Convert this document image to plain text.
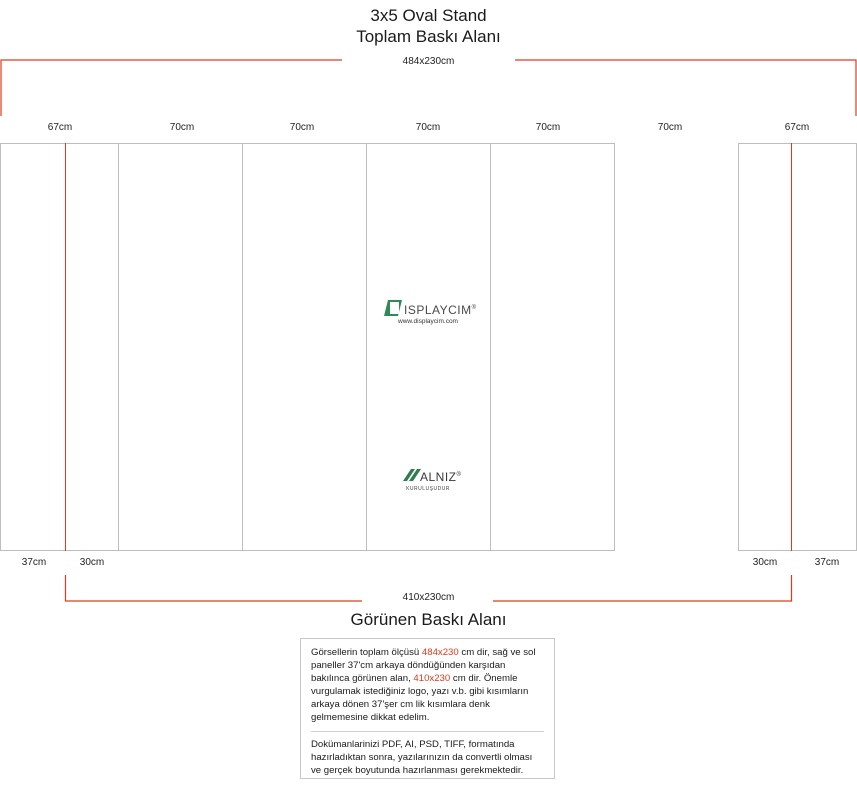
3x5 Oval Stand
Toplam Baskı Alanı
484x230cm
67cm	70cm	70cm	70cm	70cm	70cm	67cm
37cm	30cm	30cm	37cm
410x230cm
Görünen Baskı Alanı
D ISPLAYCIM®
www.displaycim.com
ALNIZ®
KURULUŞUDUR
Görsellerin toplam ölçüsü 484x230 cm dir, sağ ve sol paneller 37'cm arkaya döndüğünden karşıdan bakılınca görünen alan, 410x230 cm dir. Önemle vurgulamak istediğiniz logo, yazı v.b. gibi kısımların arkaya dönen 37'şer cm lik kısımlara denk gelmemesine dikkat edelim.
Dokümanlarinizi PDF, AI, PSD, TIFF, formatında hazırladıktan sonra, yazılarınızın da convertli olması ve gerçek boyutunda hazırlanması gerekmektedir.
